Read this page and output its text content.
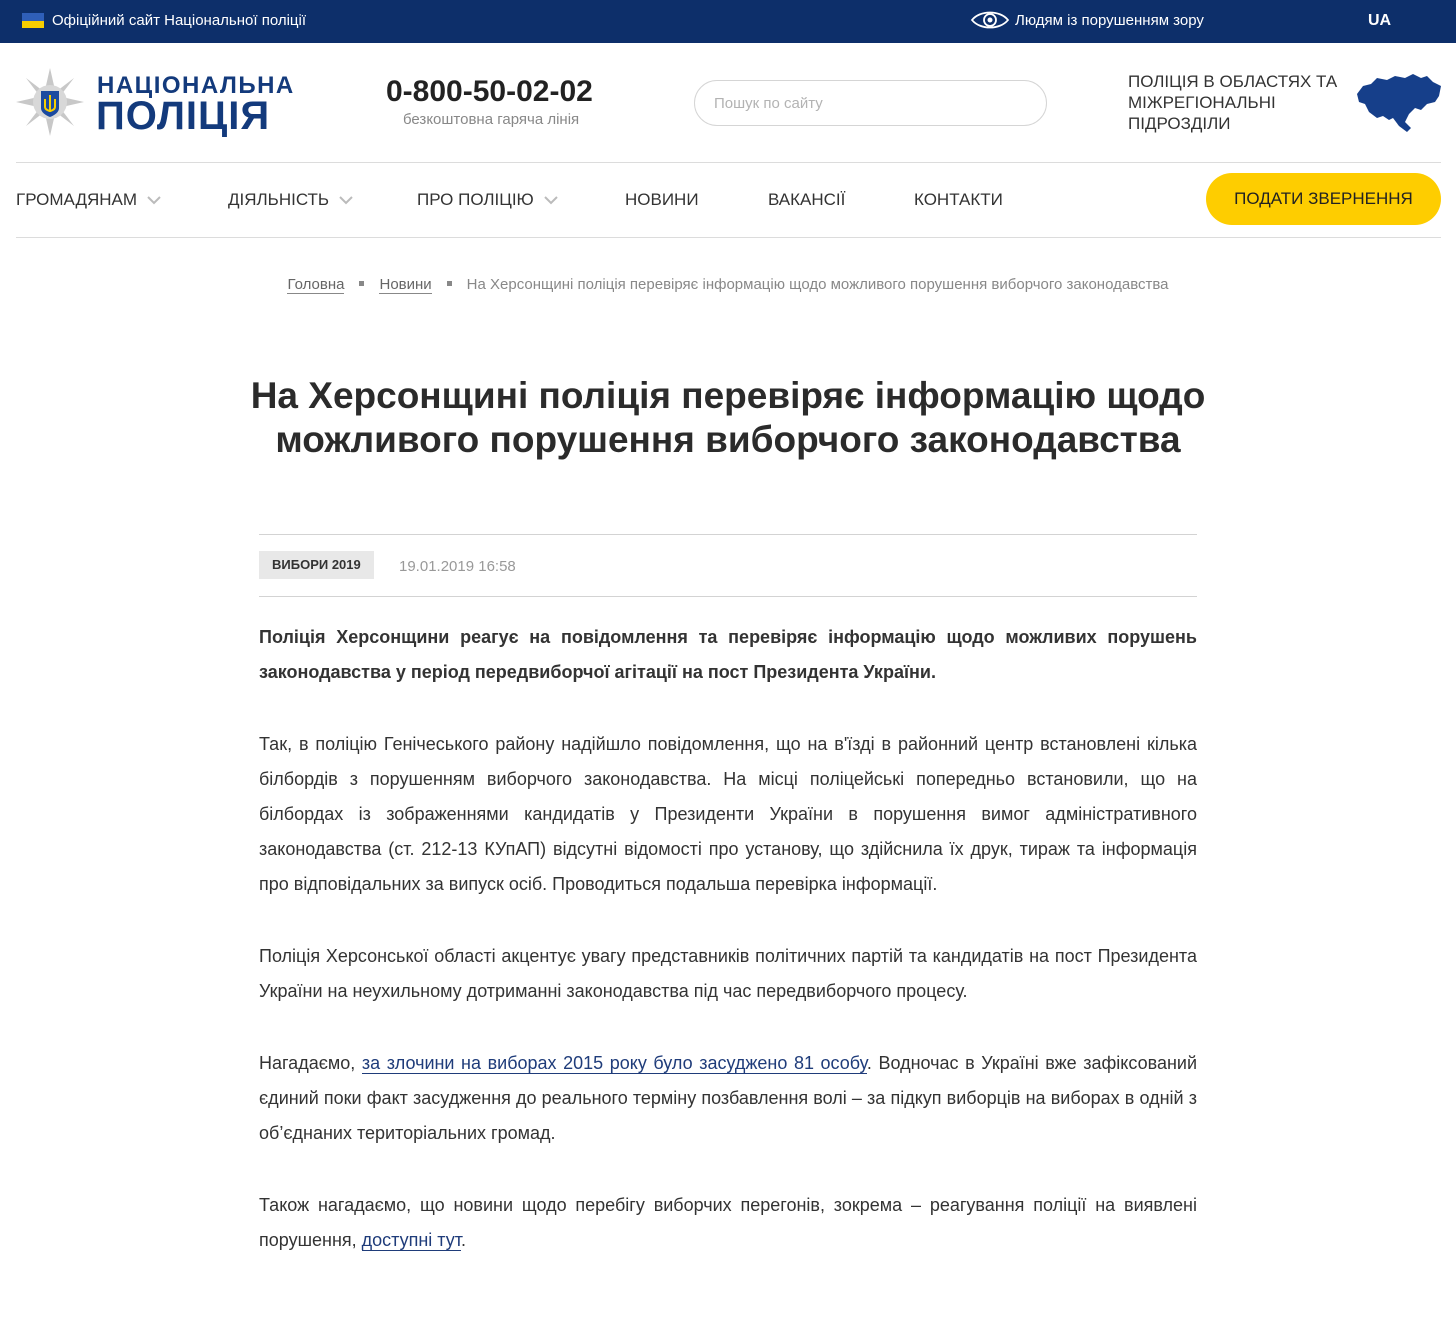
Офіційний сайт Національної поліції	Людям із порушенням зору	UA
НАЦІОНАЛЬНА
ПОЛІЦІЯ
0-800-50-02-02
безкоштовна гаряча лінія
Пошук по сайту
ПОЛІЦІЯ В ОБЛАСТЯХ ТА МІЖРЕГІОНАЛЬНІ ПІДРОЗДІЛИ
ГРОМАДЯНАМ	ДІЯЛЬНІСТЬ	ПРО ПОЛІЦІЮ	НОВИНИ	ВАКАНСІЇ	КОНТАКТИ	ПОДАТИ ЗВЕРНЕННЯ
Головна Новини На Херсонщині поліція перевіряє інформацію щодо можливого порушення виборчого законодавства
На Херсонщині поліція перевіряє інформацію щодо можливого порушення виборчого законодавства
ВИБОРИ 2019	19.01.2019 16:58

Поліція Херсонщини реагує на повідомлення та перевіряє інформацію щодо можливих порушень законодавства у період передвиборчої агітації на пост Президента України.

Так, в поліцію Генічеського району надійшло повідомлення, що на в'їзді в районний центр встановлені кілька білбордів з порушенням виборчого законодавства. На місці поліцейські попередньо встановили, що на білбордах із зображеннями кандидатів у Президенти України в порушення вимог адміністративного законодавства (ст. 212-13 КУпАП) відсутні відомості про установу, що здійснила їх друк, тираж та інформація про відповідальних за випуск осіб. Проводиться подальша перевірка інформації.

Поліція Херсонської області акцентує увагу представників політичних партій та кандидатів на пост Президента України на неухильному дотриманні законодавства під час передвиборчого процесу.

Нагадаємо, за злочини на виборах 2015 року було засуджено 81 особу. Водночас в Україні вже зафіксований єдиний поки факт засудження до реального терміну позбавлення волі – за підкуп виборців на виборах в одній з об’єднаних територіальних громад.

Також нагадаємо, що новини щодо перебігу виборчих перегонів, зокрема – реагування поліції на виявлені порушення, доступні тут.
